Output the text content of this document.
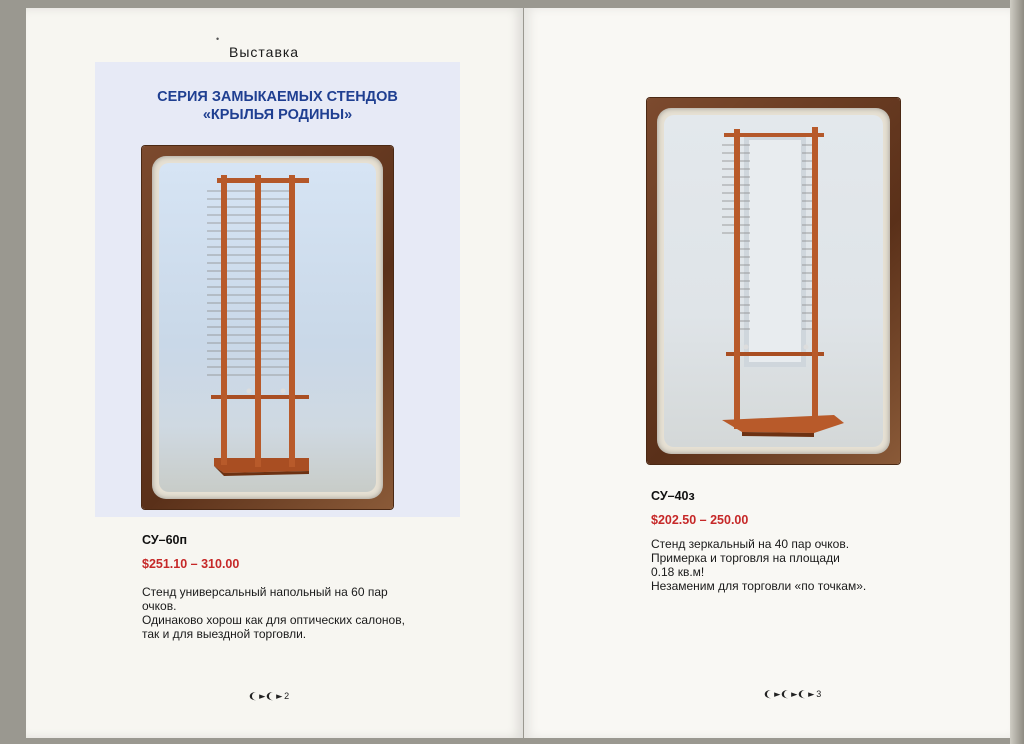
• Выставка
СЕРИЯ ЗАМЫКАЕМЫХ СТЕНДОВ
«КРЫЛЬЯ РОДИНЫ»
СУ–60п
$251.10 – 310.00
Стенд универсальный напольный на 60 пар
очков.
Одинаково хорош как для оптических салонов,
так и для выездной торговли.
❨▸❨▸2
СУ–40з
$202.50 – 250.00
Стенд зеркальный на 40 пар очков.
Примерка и торговля на площади
0.18 кв.м!
Незаменим для торговли «по точкам».
❨▸❨▸❨▸3
